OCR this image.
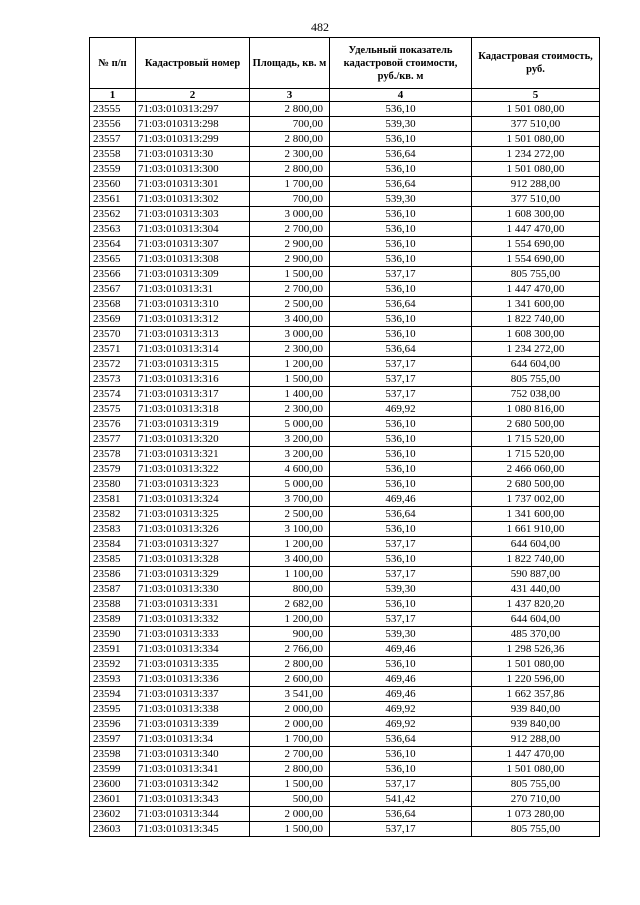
482
№ п/п	Кадастровый номер	Площадь, кв. м	Удельный показатель кадастровой стоимости, руб./кв. м	Кадастровая стоимость, руб.
1	2	3	4	5
23555	71:03:010313:297	2 800,00	536,10	1 501 080,00
23556	71:03:010313:298	700,00	539,30	377 510,00
23557	71:03:010313:299	2 800,00	536,10	1 501 080,00
23558	71:03:010313:30	2 300,00	536,64	1 234 272,00
23559	71:03:010313:300	2 800,00	536,10	1 501 080,00
23560	71:03:010313:301	1 700,00	536,64	912 288,00
23561	71:03:010313:302	700,00	539,30	377 510,00
23562	71:03:010313:303	3 000,00	536,10	1 608 300,00
23563	71:03:010313:304	2 700,00	536,10	1 447 470,00
23564	71:03:010313:307	2 900,00	536,10	1 554 690,00
23565	71:03:010313:308	2 900,00	536,10	1 554 690,00
23566	71:03:010313:309	1 500,00	537,17	805 755,00
23567	71:03:010313:31	2 700,00	536,10	1 447 470,00
23568	71:03:010313:310	2 500,00	536,64	1 341 600,00
23569	71:03:010313:312	3 400,00	536,10	1 822 740,00
23570	71:03:010313:313	3 000,00	536,10	1 608 300,00
23571	71:03:010313:314	2 300,00	536,64	1 234 272,00
23572	71:03:010313:315	1 200,00	537,17	644 604,00
23573	71:03:010313:316	1 500,00	537,17	805 755,00
23574	71:03:010313:317	1 400,00	537,17	752 038,00
23575	71:03:010313:318	2 300,00	469,92	1 080 816,00
23576	71:03:010313:319	5 000,00	536,10	2 680 500,00
23577	71:03:010313:320	3 200,00	536,10	1 715 520,00
23578	71:03:010313:321	3 200,00	536,10	1 715 520,00
23579	71:03:010313:322	4 600,00	536,10	2 466 060,00
23580	71:03:010313:323	5 000,00	536,10	2 680 500,00
23581	71:03:010313:324	3 700,00	469,46	1 737 002,00
23582	71:03:010313:325	2 500,00	536,64	1 341 600,00
23583	71:03:010313:326	3 100,00	536,10	1 661 910,00
23584	71:03:010313:327	1 200,00	537,17	644 604,00
23585	71:03:010313:328	3 400,00	536,10	1 822 740,00
23586	71:03:010313:329	1 100,00	537,17	590 887,00
23587	71:03:010313:330	800,00	539,30	431 440,00
23588	71:03:010313:331	2 682,00	536,10	1 437 820,20
23589	71:03:010313:332	1 200,00	537,17	644 604,00
23590	71:03:010313:333	900,00	539,30	485 370,00
23591	71:03:010313:334	2 766,00	469,46	1 298 526,36
23592	71:03:010313:335	2 800,00	536,10	1 501 080,00
23593	71:03:010313:336	2 600,00	469,46	1 220 596,00
23594	71:03:010313:337	3 541,00	469,46	1 662 357,86
23595	71:03:010313:338	2 000,00	469,92	939 840,00
23596	71:03:010313:339	2 000,00	469,92	939 840,00
23597	71:03:010313:34	1 700,00	536,64	912 288,00
23598	71:03:010313:340	2 700,00	536,10	1 447 470,00
23599	71:03:010313:341	2 800,00	536,10	1 501 080,00
23600	71:03:010313:342	1 500,00	537,17	805 755,00
23601	71:03:010313:343	500,00	541,42	270 710,00
23602	71:03:010313:344	2 000,00	536,64	1 073 280,00
23603	71:03:010313:345	1 500,00	537,17	805 755,00
